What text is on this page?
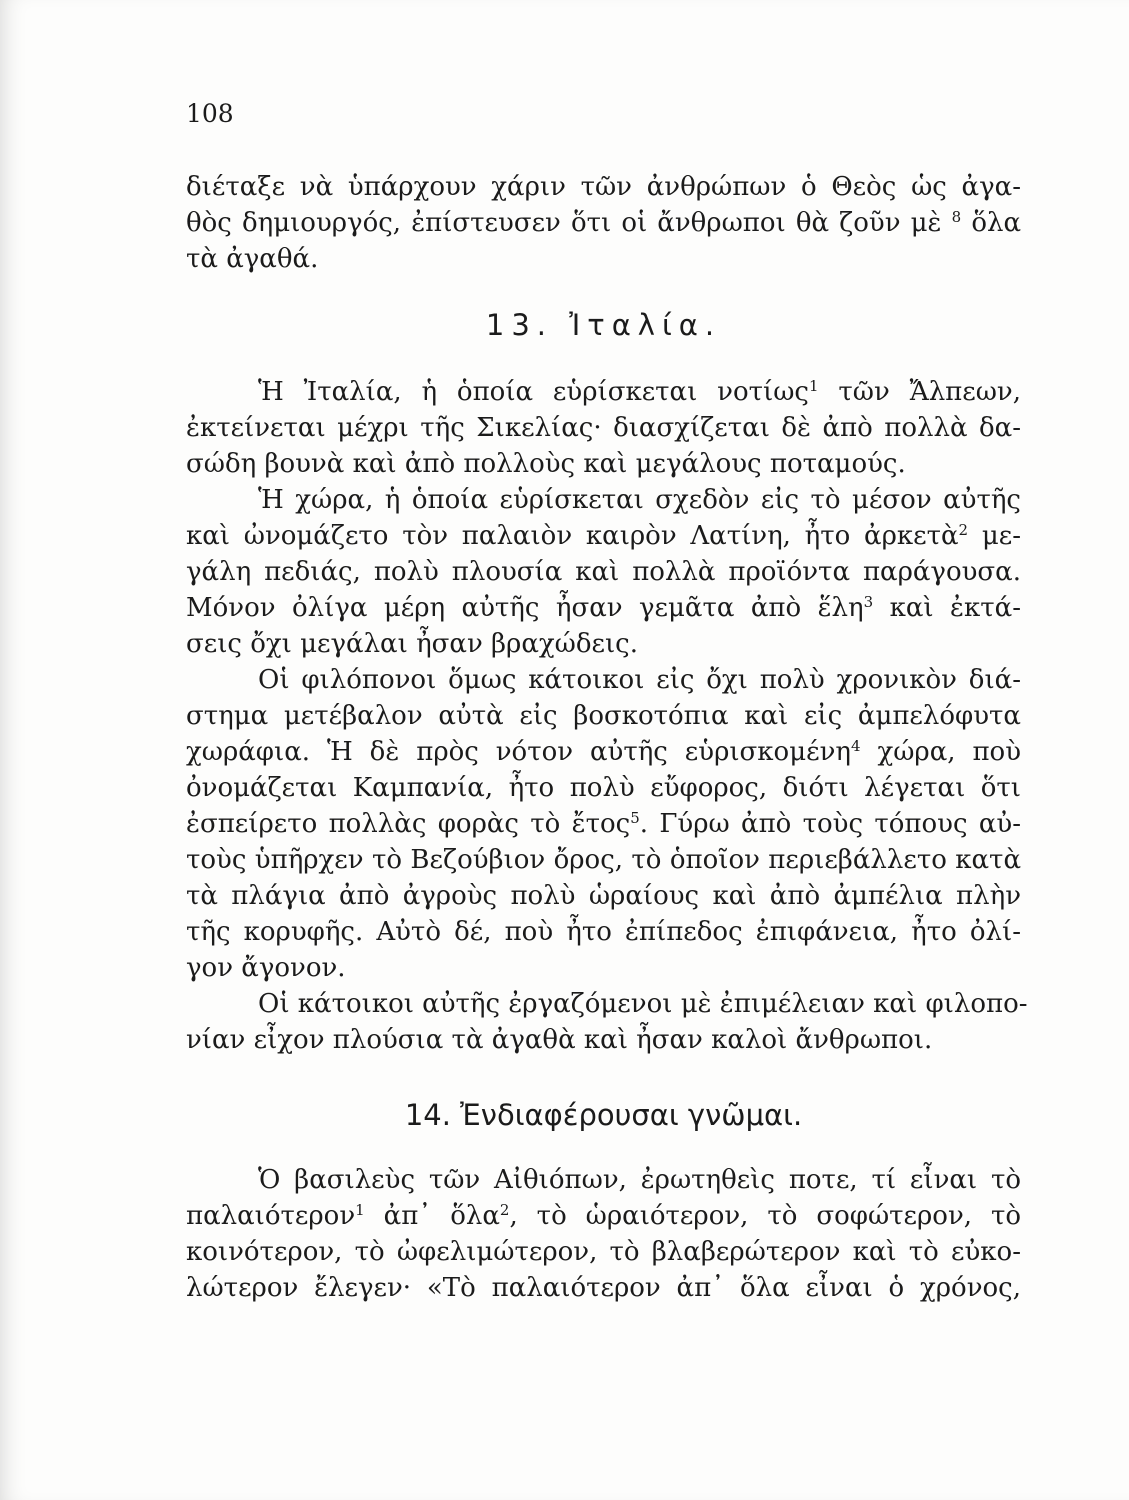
108
διέταξε νὰ ὑπάρχουν χάριν τῶν ἀνθρώπων ὁ Θεὸς ὡς ἀγα-
θὸς δημιουργός, ἐπίστευσεν ὅτι οἱ ἄνθρωποι θὰ ζοῦν μὲ $^8$ ὅλα
τὰ ἀγαθά.
13. Ἰταλία.
Ἡ Ἰταλία, ἡ ὁποία εὑρίσκεται νοτίως$^1$ τῶν Ἄλπεων,
ἐκτείνεται μέχρι τῆς Σικελίας· διασχίζεται δὲ ἀπὸ πολλὰ δα-
σώδη βουνὰ καὶ ἀπὸ πολλοὺς καὶ μεγάλους ποταμούς.
Ἡ χώρα, ἡ ὁποία εὑρίσκεται σχεδὸν εἰς τὸ μέσον αὐτῆς
καὶ ὠνομάζετο τὸν παλαιὸν καιρὸν Λατίνη, ἦτο ἀρκετὰ$^2$ με-
γάλη πεδιάς, πολὺ πλουσία καὶ πολλὰ προϊόντα παράγουσα.
Μόνον ὀλίγα μέρη αὐτῆς ἦσαν γεμᾶτα ἀπὸ ἕλη$^3$ καὶ ἐκτά-
σεις ὄχι μεγάλαι ἦσαν βραχώδεις.
Οἱ φιλόπονοι ὅμως κάτοικοι εἰς ὄχι πολὺ χρονικὸν διά-
στημα μετέβαλον αὐτὰ εἰς βοσκοτόπια καὶ εἰς ἀμπελόφυτα
χωράφια. Ἡ δὲ πρὸς νότον αὐτῆς εὑρισκομένη$^4$ χώρα, ποὺ
ὀνομάζεται Καμπανία, ἦτο πολὺ εὔφορος, διότι λέγεται ὅτι
ἐσπείρετο πολλὰς φορὰς τὸ ἔτος$^5$. Γύρω ἀπὸ τοὺς τόπους αὐ-
τοὺς ὑπῆρχεν τὸ Βεζούβιον ὄρος, τὸ ὁποῖον περιεβάλλετο κατὰ
τὰ πλάγια ἀπὸ ἀγροὺς πολὺ ὡραίους καὶ ἀπὸ ἀμπέλια πλὴν
τῆς κορυφῆς. Αὐτὸ δέ, ποὺ ἦτο ἐπίπεδος ἐπιφάνεια, ἦτο ὀλί-
γον ἄγονον.
Οἱ κάτοικοι αὐτῆς ἐργαζόμενοι μὲ ἐπιμέλειαν καὶ φιλοπο-
νίαν εἶχον πλούσια τὰ ἀγαθὰ καὶ ἦσαν καλοὶ ἄνθρωποι.
14. Ἐνδιαφέρουσαι γνῶμαι.
Ὁ βασιλεὺς τῶν Αἰθιόπων, ἐρωτηθεὶς ποτε, τί εἶναι τὸ
παλαιότερον$^1$ ἀπ᾽ ὅλα$^2$, τὸ ὡραιότερον, τὸ σοφώτερον, τὸ
κοινότερον, τὸ ὠφελιμώτερον, τὸ βλαβερώτερον καὶ τὸ εὐκο-
λώτερον ἔλεγεν· «Τὸ παλαιότερον ἀπ᾽ ὅλα εἶναι ὁ χρόνος,
